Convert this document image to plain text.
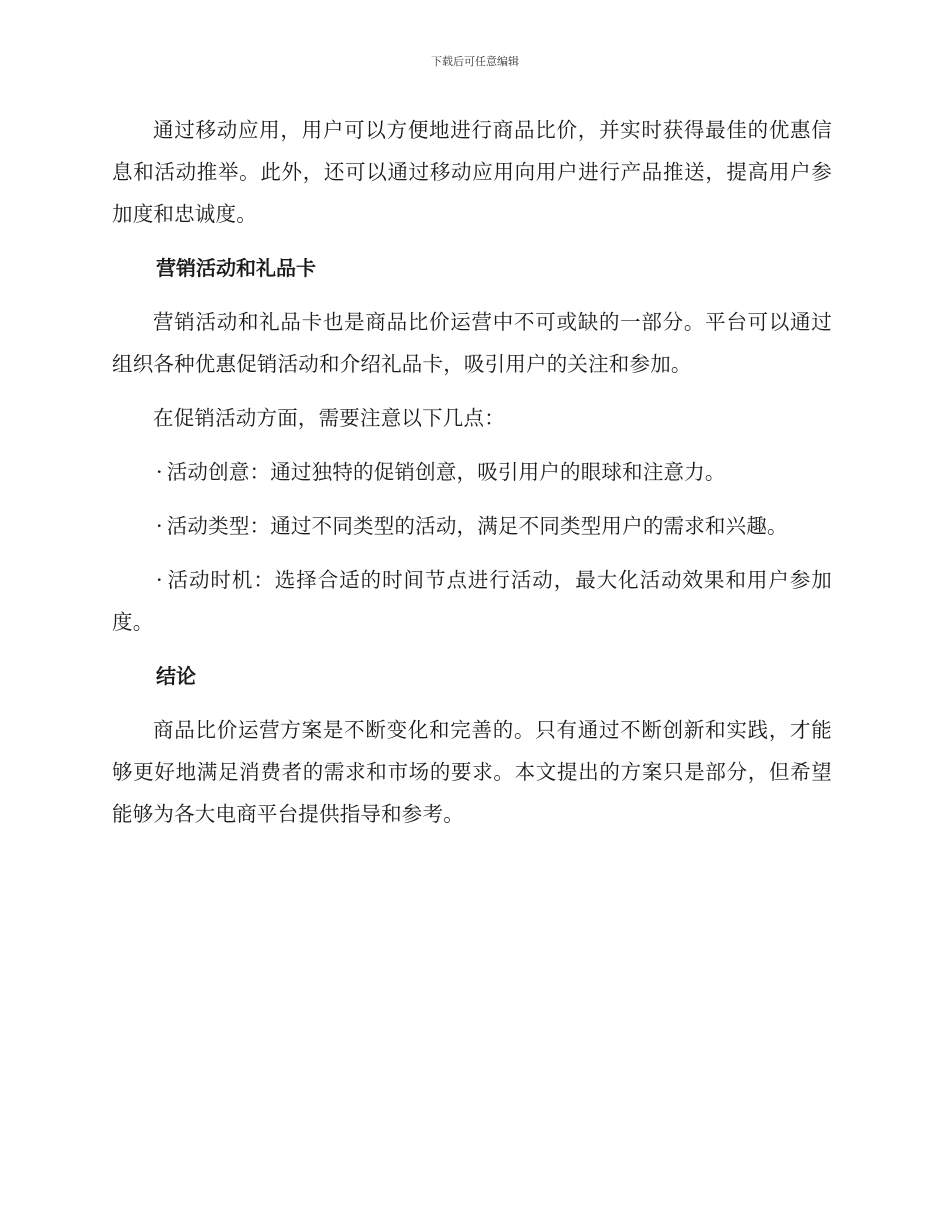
下载后可任意编辑

通过移动应用，用户可以方便地进行商品比价，并实时获得最佳的优惠信息和活动推举。此外，还可以通过移动应用向用户进行产品推送，提高用户参加度和忠诚度。

营销活动和礼品卡

营销活动和礼品卡也是商品比价运营中不可或缺的一部分。平台可以通过组织各种优惠促销活动和介绍礼品卡，吸引用户的关注和参加。

在促销活动方面，需要注意以下几点：

· 活动创意：通过独特的促销创意，吸引用户的眼球和注意力。

· 活动类型：通过不同类型的活动，满足不同类型用户的需求和兴趣。

· 活动时机：选择合适的时间节点进行活动，最大化活动效果和用户参加度。

结论

商品比价运营方案是不断变化和完善的。只有通过不断创新和实践，才能够更好地满足消费者的需求和市场的要求。本文提出的方案只是部分，但希望能够为各大电商平台提供指导和参考。
